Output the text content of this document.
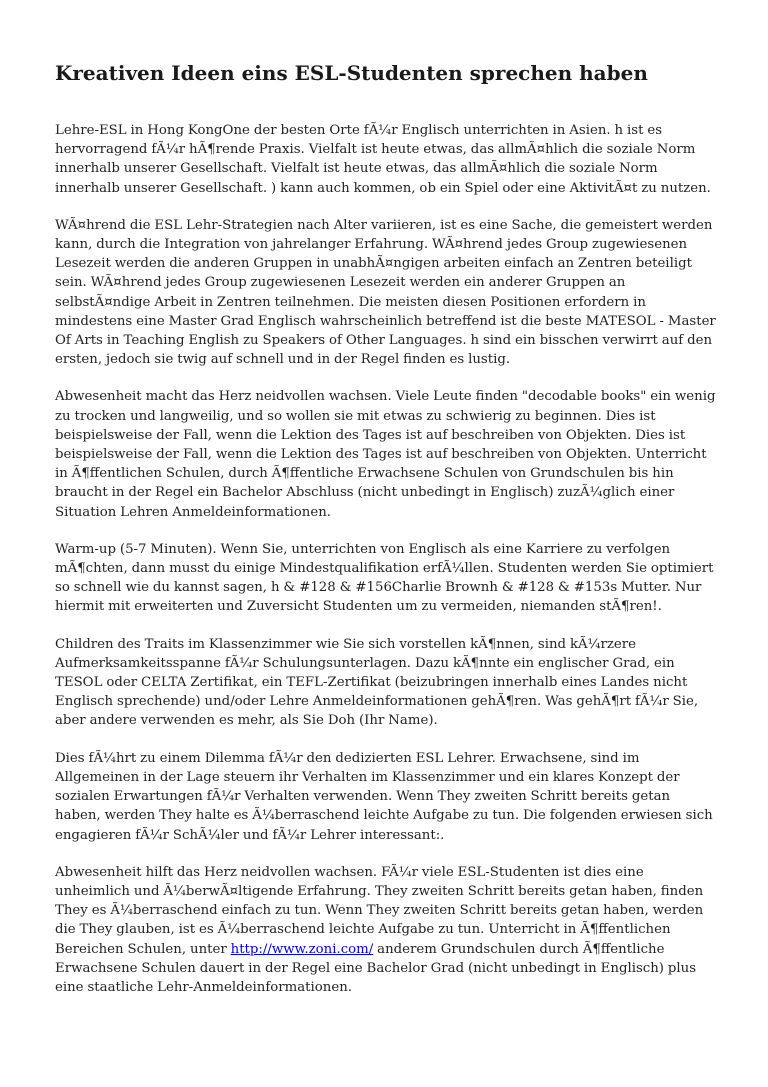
Kreativen Ideen eins ESL-Studenten sprechen haben

Lehre-ESL in Hong KongOne der besten Orte fÃ¼r Englisch unterrichten in Asien. h ist es hervorragend fÃ¼r hÃ¶rende Praxis. Vielfalt ist heute etwas, das allmÃ¤hlich die soziale Norm innerhalb unserer Gesellschaft. Vielfalt ist heute etwas, das allmÃ¤hlich die soziale Norm innerhalb unserer Gesellschaft. ) kann auch kommen, ob ein Spiel oder eine AktivitÃ¤t zu nutzen.

WÃ¤hrend die ESL Lehr-Strategien nach Alter variieren, ist es eine Sache, die gemeistert werden kann, durch die Integration von jahrelanger Erfahrung. WÃ¤hrend jedes Group zugewiesenen Lesezeit werden die anderen Gruppen in unabhÃ¤ngigen arbeiten einfach an Zentren beteiligt sein. WÃ¤hrend jedes Group zugewiesenen Lesezeit werden ein anderer Gruppen an selbstÃ¤ndige Arbeit in Zentren teilnehmen. Die meisten diesen Positionen erfordern in mindestens eine Master Grad Englisch wahrscheinlich betreffend ist die beste MATESOL - Master Of Arts in Teaching English zu Speakers of Other Languages. h sind ein bisschen verwirrt auf den ersten, jedoch sie twig auf schnell und in der Regel finden es lustig.

Abwesenheit macht das Herz neidvollen wachsen. Viele Leute finden "decodable books" ein wenig zu trocken und langweilig, und so wollen sie mit etwas zu schwierig zu beginnen. Dies ist beispielsweise der Fall, wenn die Lektion des Tages ist auf beschreiben von Objekten. Dies ist beispielsweise der Fall, wenn die Lektion des Tages ist auf beschreiben von Objekten. Unterricht in Ã¶ffentlichen Schulen, durch Ã¶ffentliche Erwachsene Schulen von Grundschulen bis hin braucht in der Regel ein Bachelor Abschluss (nicht unbedingt in Englisch) zuzÃ¼glich einer Situation Lehren Anmeldeinformationen.

Warm-up (5-7 Minuten). Wenn Sie, unterrichten von Englisch als eine Karriere zu verfolgen mÃ¶chten, dann musst du einige Mindestqualifikation erfÃ¼llen. Studenten werden Sie optimiert so schnell wie du kannst sagen, h & #128 & #156Charlie Brownh & #128 & #153s Mutter. Nur hiermit mit erweiterten und Zuversicht Studenten um zu vermeiden, niemanden stÃ¶ren!.

Children des Traits im Klassenzimmer wie Sie sich vorstellen kÃ¶nnen, sind kÃ¼rzere Aufmerksamkeitsspanne fÃ¼r Schulungsunterlagen. Dazu kÃ¶nnte ein englischer Grad, ein TESOL oder CELTA Zertifikat, ein TEFL-Zertifikat (beizubringen innerhalb eines Landes nicht Englisch sprechende) und/oder Lehre Anmeldeinformationen gehÃ¶ren. Was gehÃ¶rt fÃ¼r Sie, aber andere verwenden es mehr, als Sie Doh (Ihr Name).

Dies fÃ¼hrt zu einem Dilemma fÃ¼r den dedizierten ESL Lehrer. Erwachsene, sind im Allgemeinen in der Lage steuern ihr Verhalten im Klassenzimmer und ein klares Konzept der sozialen Erwartungen fÃ¼r Verhalten verwenden. Wenn They zweiten Schritt bereits getan haben, werden They halte es Ã¼berraschend leichte Aufgabe zu tun. Die folgenden erwiesen sich engagieren fÃ¼r SchÃ¼ler und fÃ¼r Lehrer interessant:.

Abwesenheit hilft das Herz neidvollen wachsen. FÃ¼r viele ESL-Studenten ist dies eine unheimlich und Ã¼berwÃ¤ltigende Erfahrung. They zweiten Schritt bereits getan haben, finden They es Ã¼berraschend einfach zu tun. Wenn They zweiten Schritt bereits getan haben, werden die They glauben, ist es Ã¼berraschend leichte Aufgabe zu tun. Unterricht in Ã¶ffentlichen Bereichen Schulen, unter http://www.zoni.com/ anderem Grundschulen durch Ã¶ffentliche Erwachsene Schulen dauert in der Regel eine Bachelor Grad (nicht unbedingt in Englisch) plus eine staatliche Lehr-Anmeldeinformationen.
